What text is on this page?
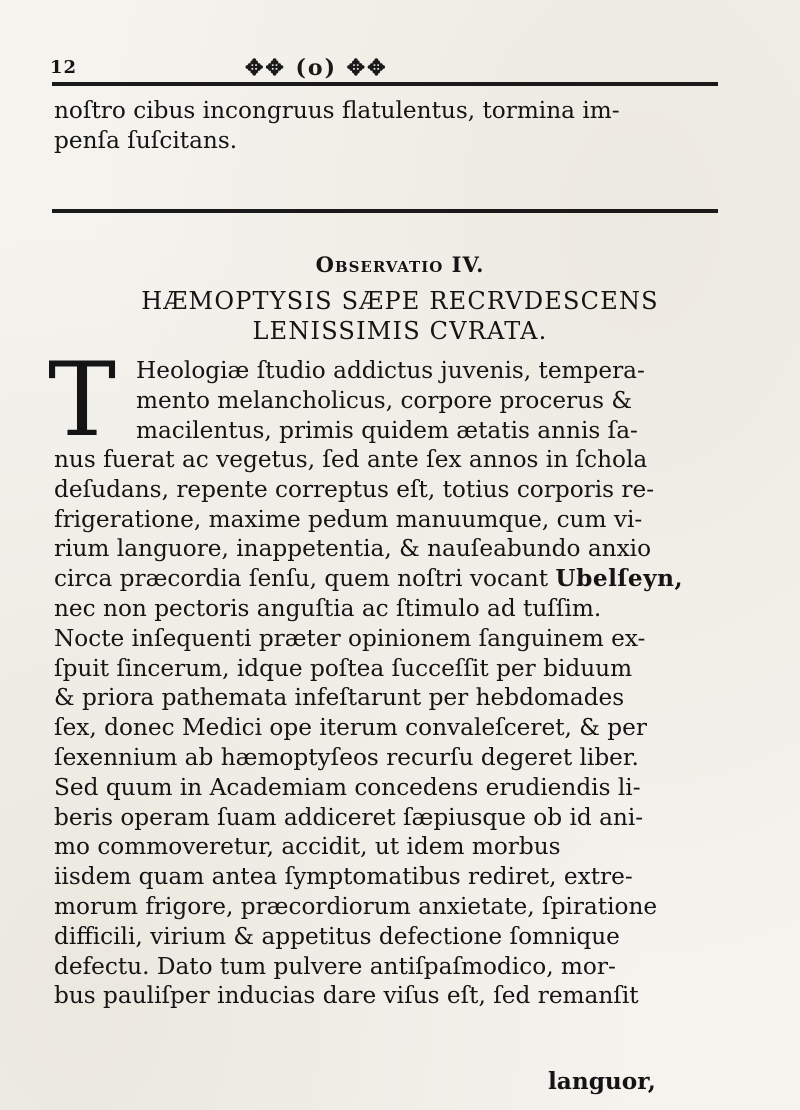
12	✥✥ (o) ✥✥
noſtro cibus incongruus flatulentus, tormina im-
penſa ſuſcitans.
Observatio IV.
HÆMOPTYSIS SÆPE RECRVDESCENS
LENISSIMIS CVRATA.
T Heologiæ ſtudio addictus juvenis, tempera-
mento melancholicus, corpore procerus &
macilentus, primis quidem ætatis annis ſa-
nus fuerat ac vegetus, ſed ante ſex annos in ſchola
deſudans, repente correptus eſt, totius corporis re-
frigeratione, maxime pedum manuumque, cum vi-
rium languore, inappetentia, & nauſeabundo anxio
circa præcordia ſenſu, quem noſtri vocant Ubelſeyn,
nec non pectoris anguſtia ac ſtimulo ad tuſſim.
Nocte inſequenti præter opinionem ſanguinem ex-
ſpuit ſincerum, idque poſtea ſucceſſit per biduum
& priora pathemata infeſtarunt per hebdomades
ſex, donec Medici ope iterum convaleſceret, & per
ſexennium ab hæmoptyſeos recurſu degeret liber.
Sed quum in Academiam concedens erudiendis li-
beris operam ſuam addiceret ſæpiusque ob id ani-
mo commoveretur, accidit, ut idem morbus
iisdem quam antea ſymptomatibus rediret, extre-
morum frigore, præcordiorum anxietate, ſpiratione
difficili, virium & appetitus defectione ſomnique
defectu. Dato tum pulvere antiſpaſmodico, mor-
bus pauliſper inducias dare viſus eſt, ſed remanſit
languor,
